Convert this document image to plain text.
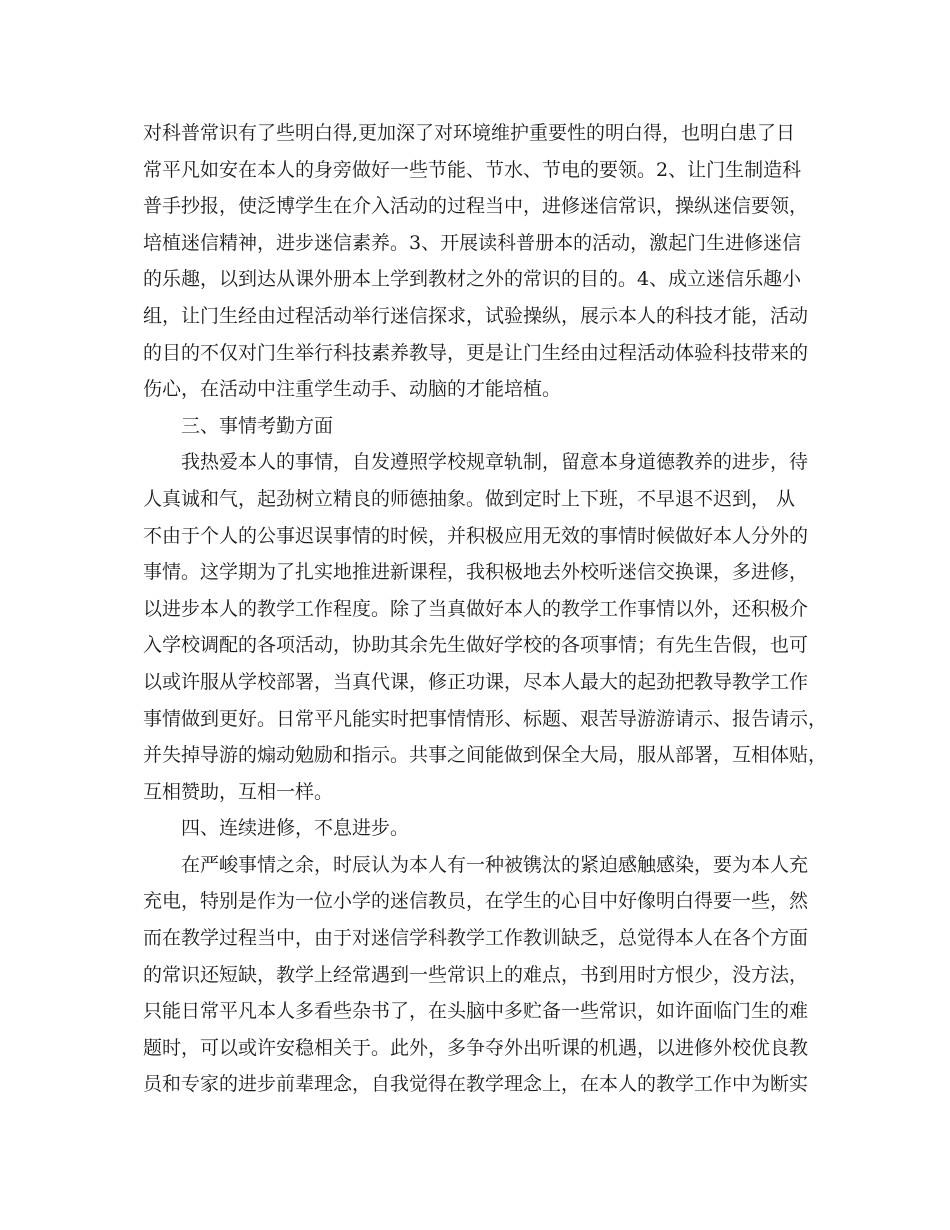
对科普常识有了些明白得,更加深了对环境维护重要性的明白得，也明白患了日
常平凡如安在本人的身旁做好一些节能、节水、节电的要领。2、让门生制造科
普手抄报，使泛博学生在介入活动的过程当中，进修迷信常识，操纵迷信要领，
培植迷信精神，进步迷信素养。3、开展读科普册本的活动，激起门生进修迷信
的乐趣，以到达从课外册本上学到教材之外的常识的目的。4、成立迷信乐趣小
组，让门生经由过程活动举行迷信探求，试验操纵，展示本人的科技才能，活动
的目的不仅对门生举行科技素养教导，更是让门生经由过程活动体验科技带来的
伤心，在活动中注重学生动手、动脑的才能培植。
三、事情考勤方面
我热爱本人的事情，自发遵照学校规章轨制，留意本身道德教养的进步，待
人真诚和气，起劲树立精良的师德抽象。做到定时上下班，不早退不迟到， 从
不由于个人的公事迟误事情的时候，并积极应用无效的事情时候做好本人分外的
事情。这学期为了扎实地推进新课程，我积极地去外校听迷信交换课，多进修，
以进步本人的教学工作程度。除了当真做好本人的教学工作事情以外，还积极介
入学校调配的各项活动，协助其余先生做好学校的各项事情；有先生告假，也可
以或许服从学校部署，当真代课，修正功课，尽本人最大的起劲把教导教学工作
事情做到更好。日常平凡能实时把事情情形、标题、艰苦导游游请示、报告请示，
并失掉导游的煽动勉励和指示。共事之间能做到保全大局，服从部署，互相体贴，
互相赞助，互相一样。
四、连续进修，不息进步。
在严峻事情之余，时辰认为本人有一种被镌汰的紧迫感触感染，要为本人充
充电，特别是作为一位小学的迷信教员，在学生的心目中好像明白得要一些，然
而在教学过程当中，由于对迷信学科教学工作教训缺乏，总觉得本人在各个方面
的常识还短缺，教学上经常遇到一些常识上的难点，书到用时方恨少，没方法，
只能日常平凡本人多看些杂书了，在头脑中多贮备一些常识，如许面临门生的难
题时，可以或许安稳相关于。此外，多争夺外出听课的机遇，以进修外校优良教
员和专家的进步前辈理念，自我觉得在教学理念上，在本人的教学工作中为断实
